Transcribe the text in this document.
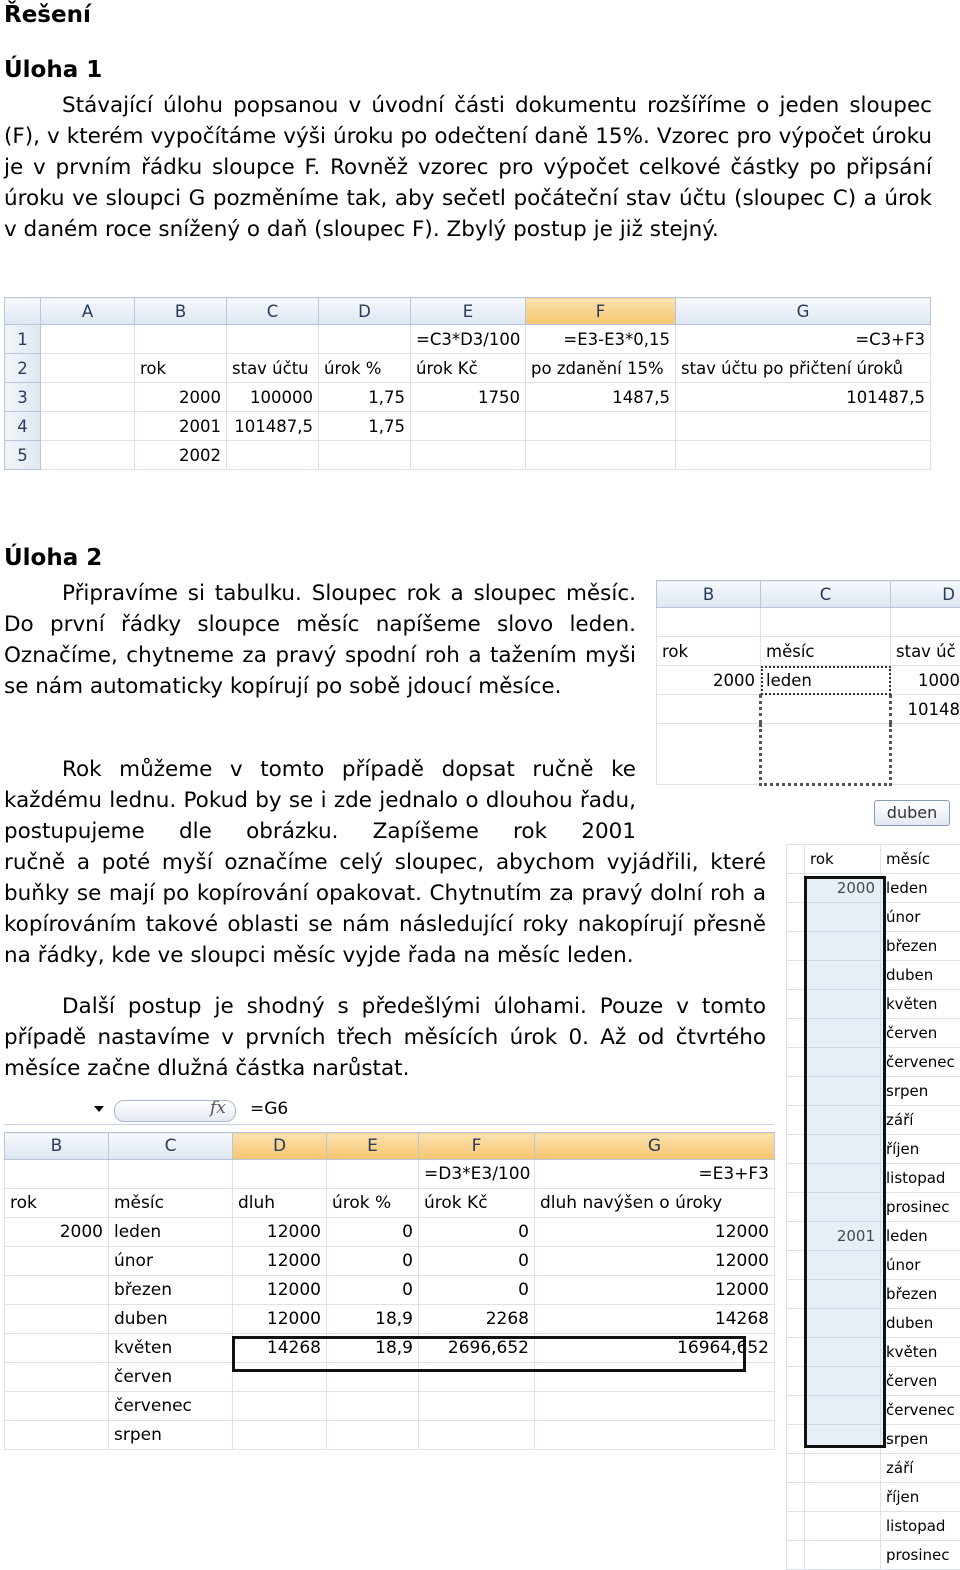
Řešení
Úloha 1

Stávající úlohu popsanou v úvodní části dokumentu rozšíříme o jeden sloupec (F), v kterém vypočítáme výši úroku po odečtení daně 15%. Vzorec pro výpočet úroku je v prvním řádku sloupce F. Rovněž vzorec pro výpočet celkové částky po připsání úroku ve sloupci G pozměníme tak, aby sečetl počáteční stav účtu (sloupec C) a úrok v daném roce snížený o daň (sloupec F). Zbylý postup je již stejný.

	A	B	C	D	E	F	G
1					=C3*D3/100	=E3-E3*0,15	=C3+F3
2		rok	stav účtu	úrok %	úrok Kč	po zdanění 15%	stav účtu po přičtení úroků
3		2000	100000	1,75	1750	1487,5	101487,5
4		2001	101487,5	1,75			
5		2002					
Úloha 2

Připravíme si tabulku. Sloupec rok a sloupec měsíc. Do první řádky sloupce měsíc napíšeme slovo leden. Označíme, chytneme za pravý spodní roh a tažením myši se nám automaticky kopírují po sobě jdoucí měsíce.

Rok můžeme v tomto případě dopsat ručně ke každému lednu. Pokud by se i zde jednalo o dlouhou řadu, postupujeme dle obrázku. Zapíšeme rok 2001

ručně a poté myší označíme celý sloupec, abychom vyjádřili, které buňky se mají po kopírování opakovat. Chytnutím za pravý dolní roh a kopírováním takové oblasti se nám následující roky nakopírují přesně na řádky, kde ve sloupci měsíc vyjde řada na měsíc leden.

Další postup je shodný s předešlými úlohami. Pouze v tomto případě nastavíme v prvních třech měsících úrok 0. Až od čtvrtého měsíce začne dlužná částka narůstat.

B	C	D

rok	měsíc	stav úč
2000	leden	1000
		10148

duben
	rok	měsíc
	2000	leden
		únor
		březen
		duben
		květen
		červen
		červenec
		srpen
		září
		říjen
		listopad
		prosinec
	2001	leden
		únor
		březen
		duben
		květen
		červen
		červenec
		srpen
		září
		říjen
		listopad
		prosinec
fx =G6
B	C	D	E	F	G
				=D3*E3/100	=E3+F3
rok	měsíc	dluh	úrok %	úrok Kč	dluh navýšen o úroky
2000	leden	12000	0	0	12000
	únor	12000	0	0	12000
	březen	12000	0	0	12000
	duben	12000	18,9	2268	14268
	květen	14268	18,9	2696,652	16964,652
	červen				
	červenec				
	srpen				
